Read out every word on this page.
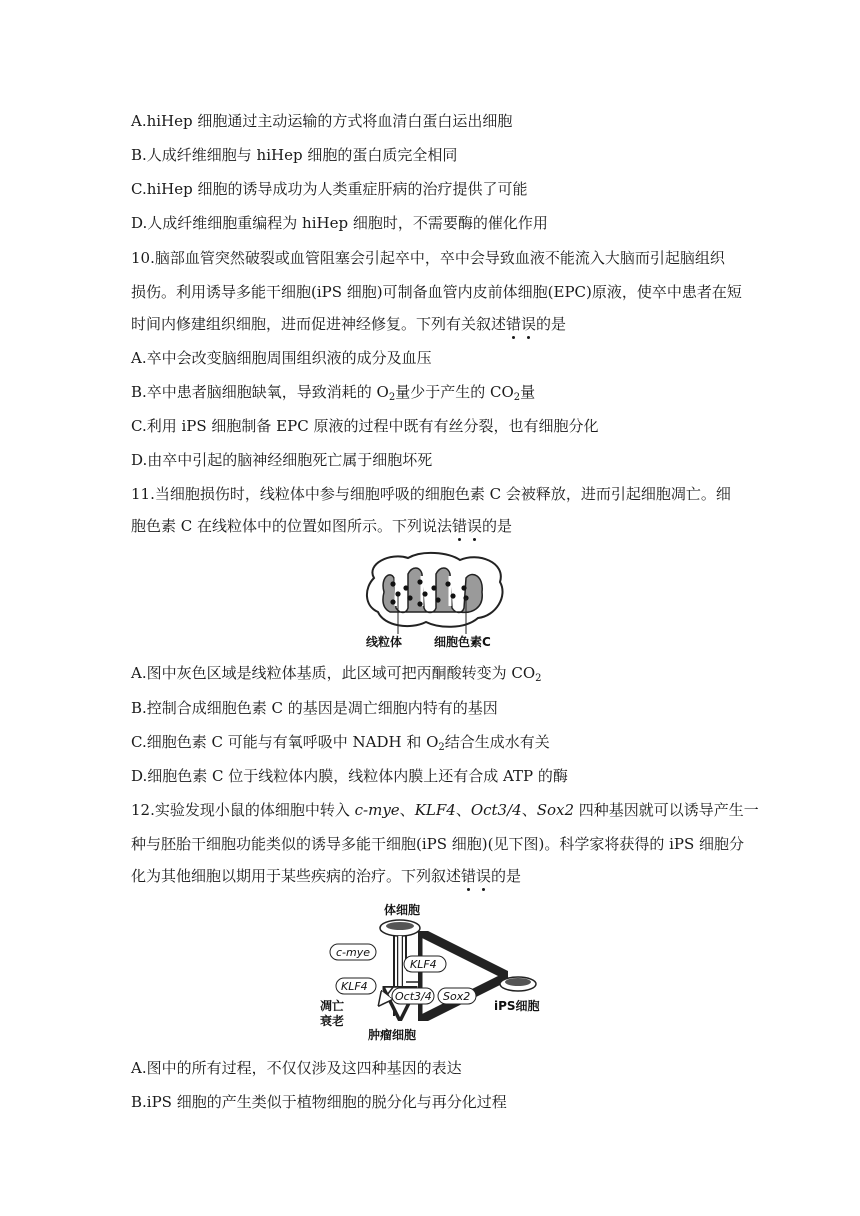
A.hiHep 细胞通过主动运输的方式将血清白蛋白运出细胞
B.人成纤维细胞与 hiHep 细胞的蛋白质完全相同
C.hiHep 细胞的诱导成功为人类重症肝病的治疗提供了可能
D.人成纤维细胞重编程为 hiHep 细胞时，不需要酶的催化作用
10.脑部血管突然破裂或血管阻塞会引起卒中，卒中会导致血液不能流入大脑而引起脑组织
损伤。利用诱导多能干细胞(iPS 细胞)可制备血管内皮前体细胞(EPC)原液，使卒中患者在短
时间内修建组织细胞，进而促进神经修复。下列有关叙述错误的是
A.卒中会改变脑细胞周围组织液的成分及血压
B.卒中患者脑细胞缺氧，导致消耗的 $O_2$量少于产生的 $CO_2$量
C.利用 iPS 细胞制备 EPC 原液的过程中既有有丝分裂，也有细胞分化
D.由卒中引起的脑神经细胞死亡属于细胞坏死
11.当细胞损伤时，线粒体中参与细胞呼吸的细胞色素 C 会被释放，进而引起细胞凋亡。细
胞色素 C 在线粒体中的位置如图所示。下列说法错误的是
线粒体	细胞色素C
A.图中灰色区域是线粒体基质，此区域可把丙酮酸转变为 $CO_2$
B.控制合成细胞色素 C 的基因是凋亡细胞内特有的基因
C.细胞色素 C 可能与有氧呼吸中 NADH 和 $O_2$结合生成水有关
D.细胞色素 C 位于线粒体内膜，线粒体内膜上还有合成 ATP 的酶
12.实验发现小鼠的体细胞中转入 c-mye、KLF4、Oct3/4、Sox2 四种基因就可以诱导产生一
种与胚胎干细胞功能类似的诱导多能干细胞(iPS 细胞)(见下图)。科学家将获得的 iPS 细胞分
化为其他细胞以期用于某些疾病的治疗。下列叙述错误的是
体细胞
c-mye
KLF4
KLF4
Oct3/4 Sox2
凋亡
衰老
肿瘤细胞
iPS细胞
A.图中的所有过程，不仅仅涉及这四种基因的表达
B.iPS 细胞的产生类似于植物细胞的脱分化与再分化过程
